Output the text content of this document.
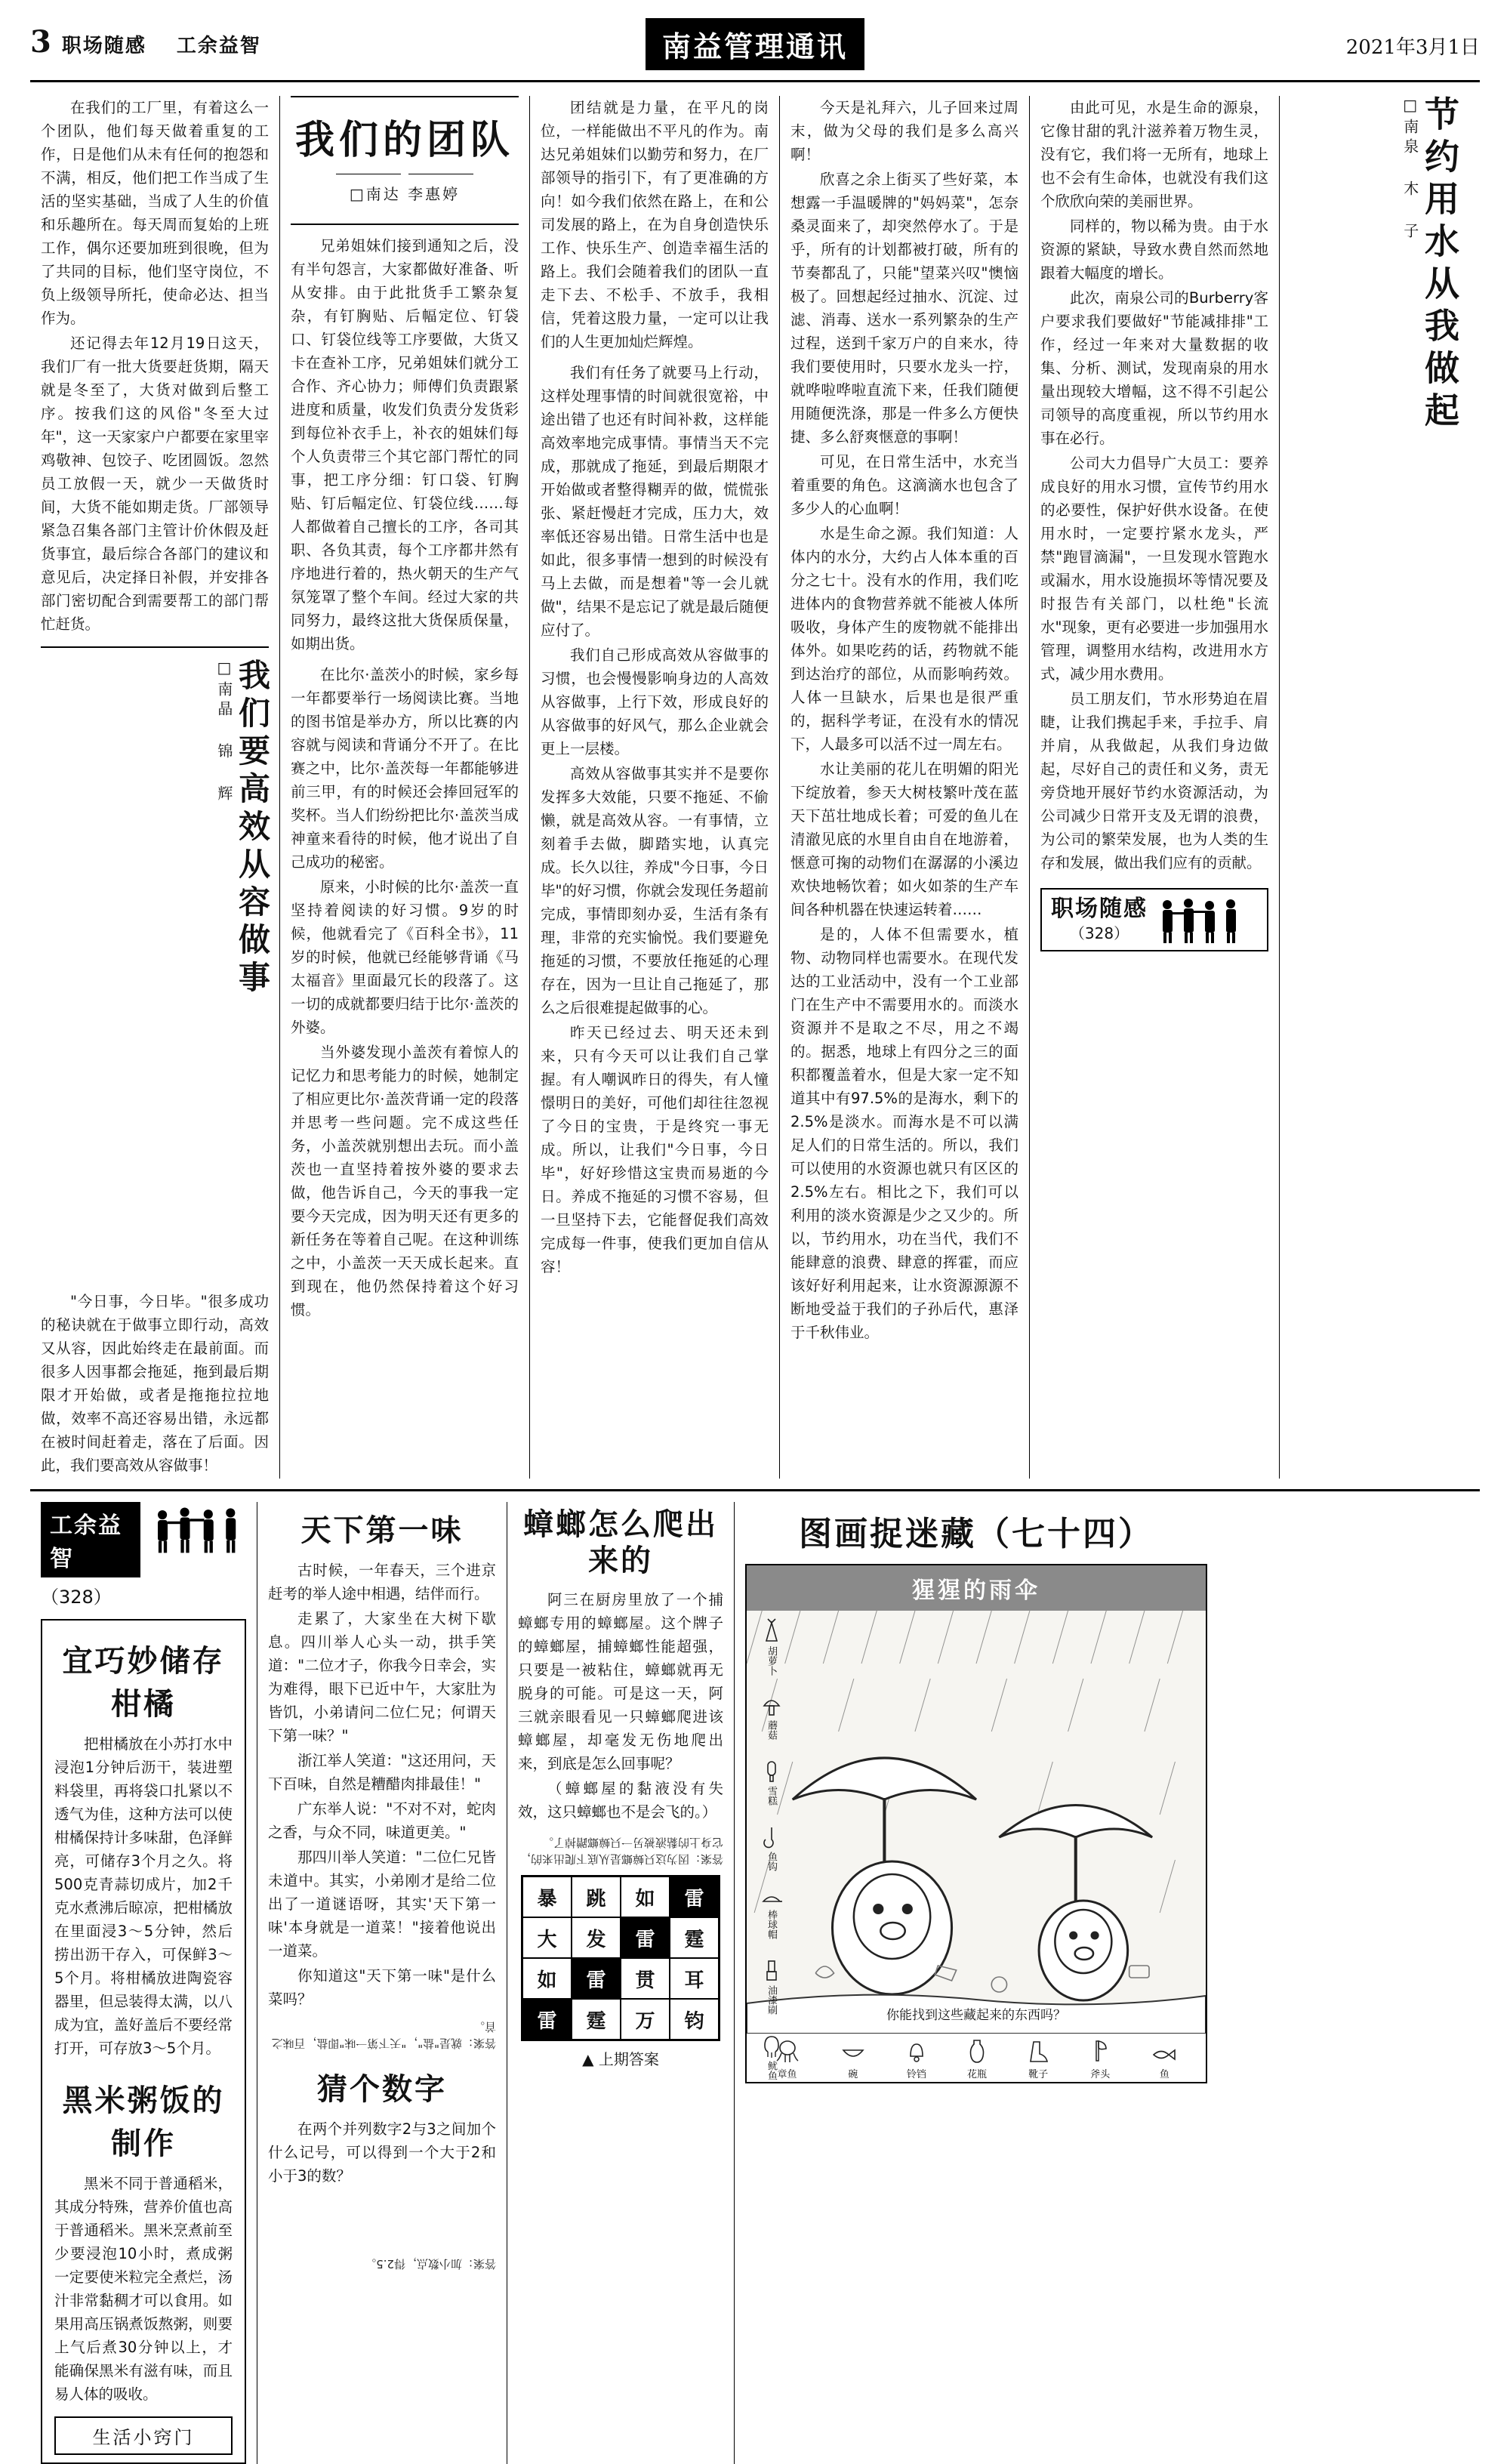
3 职场随感 工余益智	南益管理通讯	2021年3月1日

在我们的工厂里，有着这么一个团队，他们每天做着重复的工作，日是他们从未有任何的抱怨和不满，相反，他们把工作当成了生活的坚实基础，当成了人生的价值和乐趣所在。每天周而复始的上班工作，偶尔还要加班到很晚，但为了共同的目标，他们坚守岗位，不负上级领导所托，使命必达、担当作为。

还记得去年12月19日这天，我们厂有一批大货要赶货期，隔天就是冬至了，大货对做到后整工序。按我们这的风俗"冬至大过年"，这一天家家户户都要在家里宰鸡敬神、包饺子、吃团圆饭。忽然员工放假一天，就少一天做货时间，大货不能如期走货。厂部领导紧急召集各部门主管计价休假及赶货事宜，最后综合各部门的建议和意见后，决定择日补假，并安排各部门密切配合到需要帮工的部门帮忙赶货。

□南晶 锦 辉 我们要高效从容做事

"今日事，今日毕。"很多成功的秘诀就在于做事立即行动，高效又从容，因此始终走在最前面。而很多人因事都会拖延，拖到最后期限才开始做，或者是拖拖拉拉地做，效率不高还容易出错，永远都在被时间赶着走，落在了后面。因此，我们要高效从容做事！

我们的团队
□南达 李惠婷

兄弟姐妹们接到通知之后，没有半句怨言，大家都做好准备、听从安排。由于此批货手工繁杂复杂，有钉胸贴、后幅定位、钉袋口、钉袋位线等工序要做，大货又卡在查补工序，兄弟姐妹们就分工合作、齐心协力；师傅们负责跟紧进度和质量，收发们负责分发货彩到每位补衣手上，补衣的姐妹们每个人负责带三个其它部门帮忙的同事，把工序分细：钉口袋、钉胸贴、钉后幅定位、钉袋位线……每人都做着自己擅长的工序，各司其职、各负其责，每个工序都井然有序地进行着的，热火朝天的生产气氛笼罩了整个车间。经过大家的共同努力，最终这批大货保质保量，如期出货。

在比尔·盖茨小的时候，家乡每一年都要举行一场阅读比赛。当地的图书馆是举办方，所以比赛的内容就与阅读和背诵分不开了。在比赛之中，比尔·盖茨每一年都能够进前三甲，有的时候还会捧回冠军的奖杯。当人们纷纷把比尔·盖茨当成神童来看待的时候，他才说出了自己成功的秘密。

原来，小时候的比尔·盖茨一直坚持着阅读的好习惯。9岁的时候，他就看完了《百科全书》，11岁的时候，他就已经能够背诵《马太福音》里面最冗长的段落了。这一切的成就都要归结于比尔·盖茨的外婆。

当外婆发现小盖茨有着惊人的记忆力和思考能力的时候，她制定了相应更比尔·盖茨背诵一定的段落并思考一些问题。完不成这些任务，小盖茨就别想出去玩。而小盖茨也一直坚持着按外婆的要求去做，他告诉自己，今天的事我一定要今天完成，因为明天还有更多的新任务在等着自己呢。在这种训练之中，小盖茨一天天成长起来。直到现在，他仍然保持着这个好习惯。

团结就是力量，在平凡的岗位，一样能做出不平凡的作为。南达兄弟姐妹们以勤劳和努力，在厂部领导的指引下，有了更准确的方向！如今我们依然在路上，在和公司发展的路上，在为自身创造快乐工作、快乐生产、创造幸福生活的路上。我们会随着我们的团队一直走下去、不松手、不放手，我相信，凭着这股力量，一定可以让我们的人生更加灿烂辉煌。

我们有任务了就要马上行动，这样处理事情的时间就很宽裕，中途出错了也还有时间补救，这样能高效率地完成事情。事情当天不完成，那就成了拖延，到最后期限才开始做或者整得糊弄的做，慌慌张张、紧赶慢赶才完成，压力大，效率低还容易出错。日常生活中也是如此，很多事情一想到的时候没有马上去做，而是想着"等一会儿就做"，结果不是忘记了就是最后随便应付了。

我们自己形成高效从容做事的习惯，也会慢慢影响身边的人高效从容做事，上行下效，形成良好的从容做事的好风气，那么企业就会更上一层楼。

高效从容做事其实并不是要你发挥多大效能，只要不拖延、不偷懒，就是高效从容。一有事情，立刻着手去做，脚踏实地，认真完成。长久以往，养成"今日事，今日毕"的好习惯，你就会发现任务超前完成，事情即刻办妥，生活有条有理，非常的充实愉悦。我们要避免拖延的习惯，不要放任拖延的心理存在，因为一旦让自己拖延了，那么之后很难提起做事的心。

昨天已经过去、明天还未到来，只有今天可以让我们自己掌握。有人嘲讽昨日的得失，有人憧憬明日的美好，可他们却往往忽视了今日的宝贵，于是终究一事无成。所以，让我们"今日事，今日毕"，好好珍惜这宝贵而易逝的今日。养成不拖延的习惯不容易，但一旦坚持下去，它能督促我们高效完成每一件事，使我们更加自信从容！

今天是礼拜六，儿子回来过周末，做为父母的我们是多么高兴啊！

欣喜之余上街买了些好菜，本想露一手温暖牌的"妈妈菜"，怎奈桑灵面来了，却突然停水了。于是乎，所有的计划都被打破，所有的节奏都乱了，只能"望菜兴叹"懊恼极了。回想起经过抽水、沉淀、过滤、消毒、送水一系列繁杂的生产过程，送到千家万户的自来水，待我们要使用时，只要水龙头一拧，就哗啦哗啦直流下来，任我们随便用随便洗涤，那是一件多么方便快捷、多么舒爽惬意的事啊！

可见，在日常生活中，水充当着重要的角色。这滴滴水也包含了多少人的心血啊！

水是生命之源。我们知道：人体内的水分，大约占人体本重的百分之七十。没有水的作用，我们吃进体内的食物营养就不能被人体所吸收，身体产生的废物就不能排出体外。如果吃药的话，药物就不能到达治疗的部位，从而影响药效。人体一旦缺水，后果也是很严重的，据科学考证，在没有水的情况下，人最多可以活不过一周左右。

水让美丽的花儿在明媚的阳光下绽放着，参天大树枝繁叶茂在蓝天下茁壮地成长着；可爱的鱼儿在清澈见底的水里自由自在地游着，惬意可掬的动物们在潺潺的小溪边欢快地畅饮着；如火如荼的生产车间各种机器在快速运转着……

是的，人体不但需要水，植物、动物同样也需要水。在现代发达的工业活动中，没有一个工业部门在生产中不需要用水的。而淡水资源并不是取之不尽，用之不竭的。据悉，地球上有四分之三的面积都覆盖着水，但是大家一定不知道其中有97.5%的是海水，剩下的2.5%是淡水。而海水是不可以满足人们的日常生活的。所以，我们可以使用的水资源也就只有区区的2.5%左右。相比之下，我们可以利用的淡水资源是少之又少的。所以，节约用水，功在当代，我们不能肆意的浪费、肆意的挥霍，而应该好好利用起来，让水资源源源不断地受益于我们的子孙后代，惠泽于千秋伟业。

由此可见，水是生命的源泉，它像甘甜的乳汁滋养着万物生灵，没有它，我们将一无所有，地球上也不会有生命体，也就没有我们这个欣欣向荣的美丽世界。

同样的，物以稀为贵。由于水资源的紧缺，导致水费自然而然地跟着大幅度的增长。

此次，南泉公司的Burberry客户要求我们要做好"节能减排排"工作，经过一年来对大量数据的收集、分析、测试，发现南泉的用水量出现较大增幅，这不得不引起公司领导的高度重视，所以节约用水事在必行。

公司大力倡导广大员工：要养成良好的用水习惯，宣传节约用水的必要性，保护好供水设备。在使用水时，一定要拧紧水龙头，严禁"跑冒滴漏"，一旦发现水管跑水或漏水，用水设施损坏等情况要及时报告有关部门，以杜绝"长流水"现象，更有必要进一步加强用水管理，调整用水结构，改进用水方式，减少用水费用。

员工朋友们，节水形势迫在眉睫，让我们携起手来，手拉手、肩并肩，从我做起，从我们身边做起，尽好自己的责任和义务，责无旁贷地开展好节约水资源活动，为公司减少日常开支及无谓的浪费，为公司的繁荣发展，也为人类的生存和发展，做出我们应有的贡献。

职场随感
（328）
□南泉 木 子 节约用水从我做起

工余益智
（328）
宜巧妙储存柑橘

把柑橘放在小苏打水中浸泡1分钟后沥干，装进塑料袋里，再将袋口扎紧以不透气为佳，这种方法可以使柑橘保持计多味甜，色泽鲜亮，可储存3个月之久。将500克青蒜切成片，加2千克水煮沸后晾凉，把柑橘放在里面浸3～5分钟，然后捞出沥干存入，可保鲜3～5个月。将柑橘放进陶瓷容器里，但忌装得太满，以八成为宜，盖好盖后不要经常打开，可存放3～5个月。

黑米粥饭的制作

黑米不同于普通稻米，其成分特殊，营养价值也高于普通稻米。黑米烹煮前至少要浸泡10小时，煮成粥一定要使米粒完全煮烂，汤汁非常黏稠才可以食用。如果用高压锅煮饭熬粥，则要上气后煮30分钟以上，才能确保黑米有滋有味，而且易人体的吸收。

生活小窍门
天下第一味

古时候，一年春天，三个进京赶考的举人途中相遇，结伴而行。

走累了，大家坐在大树下歇息。四川举人心头一动，拱手笑道："二位才子，你我今日幸会，实为难得，眼下已近中午，大家肚为皆饥，小弟请问二位仁兄；何谓天下第一味？"

浙江举人笑道："这还用问，天下百味，自然是糟醋肉排最佳！"

广东举人说："不对不对，蛇肉之香，与众不同，味道更美。"

那四川举人笑道："二位仁兄皆未道中。其实，小弟刚才是给二位出了一道谜语呀，其实'天下第一味'本身就是一道菜！"接着他说出一道菜。

你知道这"天下第一味"是什么菜吗？

答案：就是"盐"，"天下第一味"即盐，百味之首。
猜个数字

在两个并列数字2与3之间加个什么记号，可以得到一个大于2和小于3的数？

答案：加小数点，得2.5。
蟑螂怎么爬出来的

阿三在厨房里放了一个捕蟑螂专用的蟑螂屋。这个牌子的蟑螂屋，捕蟑螂性能超强，只要是一被粘住，蟑螂就再无脱身的可能。可是这一天，阿三就亲眼看见一只蟑螂爬进该蟑螂屋，却毫发无伤地爬出来，到底是怎么回事呢？

（蟑螂屋的黏液没有失效，这只蟑螂也不是会飞的。）

答案：因为这只蟑螂是从底下爬出来的，它身上的黏液被另一只蟑螂蹭掉了。
暴	跳	如	雷
大	发	雷	霆
如	雷	贯	耳
雷	霆	万	钧
▲ 上期答案
图画捉迷藏（七十四）
猩猩的雨伞
胡萝卜
蘑菇
雪糕
鱼钩
棒球帽
油漆刷
鱿鱼
你能找到这些藏起来的东西吗？
章鱼	碗	铃铛	花瓶	靴子	斧头	鱼
